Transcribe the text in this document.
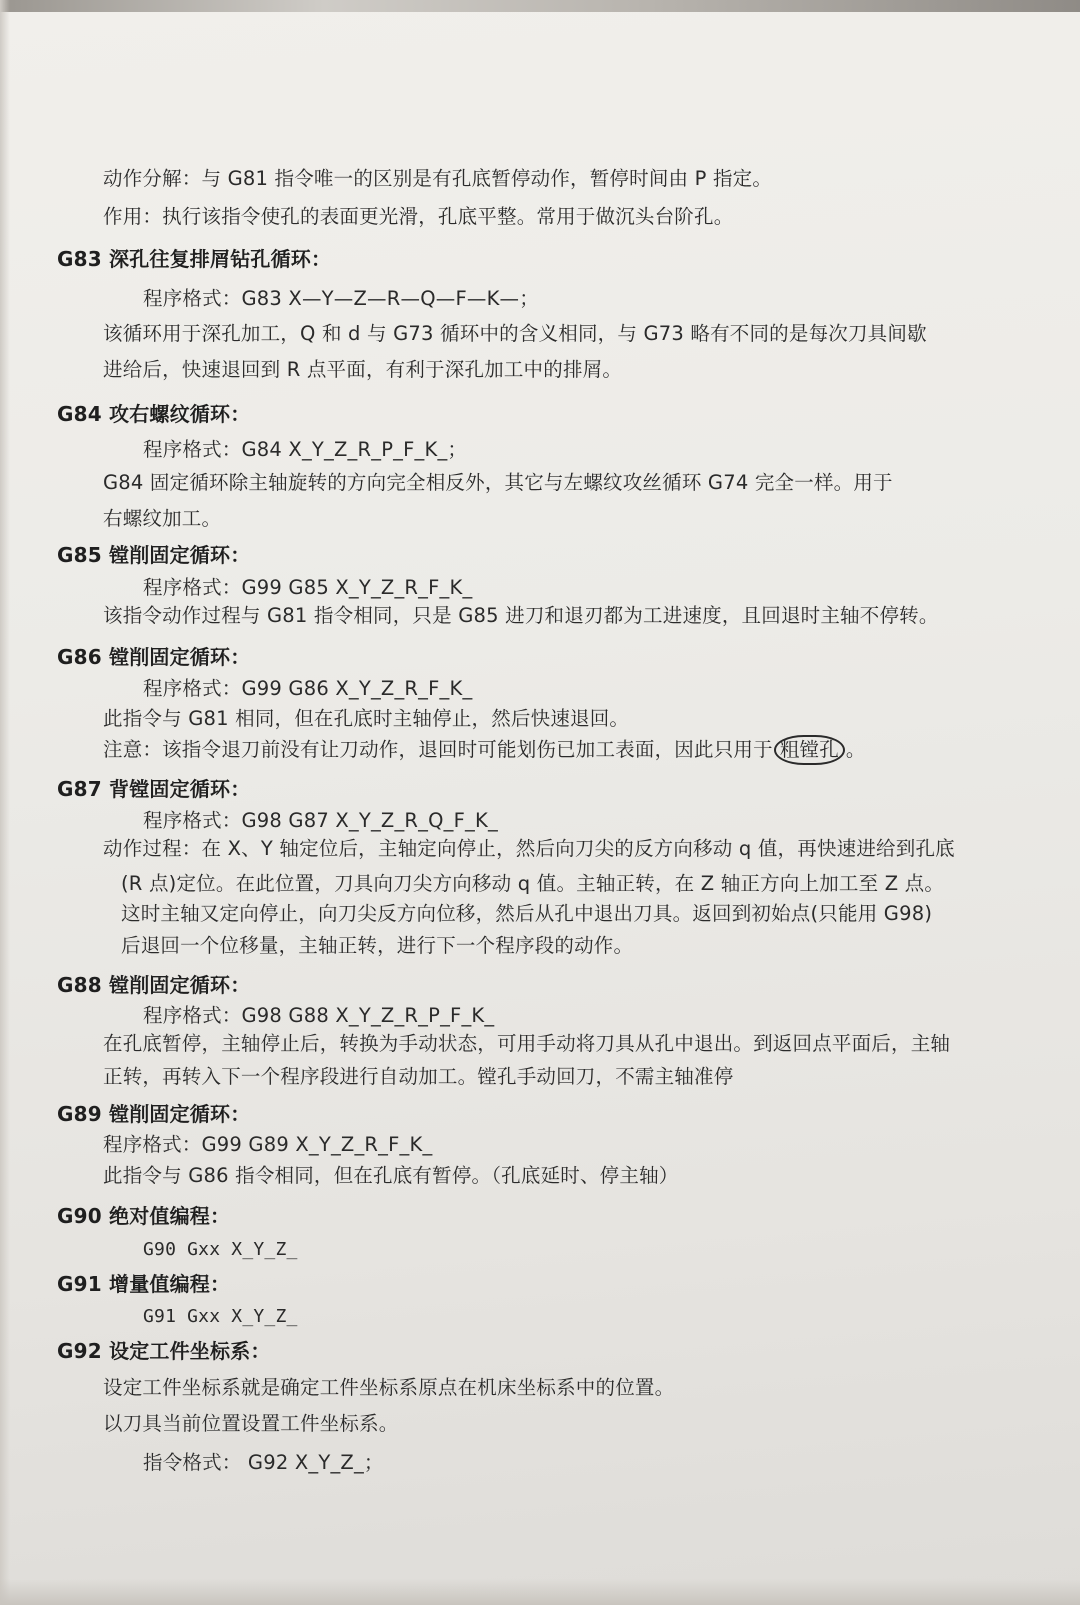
动作分解：与 G81 指令唯一的区别是有孔底暂停动作，暂停时间由 P 指定。
作用：执行该指令使孔的表面更光滑，孔底平整。常用于做沉头台阶孔。
G83 深孔往复排屑钻孔循环：
程序格式：G83 X—Y—Z—R—Q—F—K—；
该循环用于深孔加工，Q 和 d 与 G73 循环中的含义相同，与 G73 略有不同的是每次刀具间歇
进给后，快速退回到 R 点平面，有利于深孔加工中的排屑。
G84 攻右螺纹循环：
程序格式：G84 X_Y_Z_R_P_F_K_；
G84 固定循环除主轴旋转的方向完全相反外，其它与左螺纹攻丝循环 G74 完全一样。用于
右螺纹加工。
G85 镗削固定循环：
程序格式：G99 G85 X_Y_Z_R_F_K_
该指令动作过程与 G81 指令相同，只是 G85 进刀和退刃都为工进速度，且回退时主轴不停转。
G86 镗削固定循环：
程序格式：G99 G86 X_Y_Z_R_F_K_
此指令与 G81 相同，但在孔底时主轴停止，然后快速退回。
注意：该指令退刀前没有让刀动作，退回时可能划伤已加工表面，因此只用于 粗镗孔 。
G87 背镗固定循环：
程序格式：G98 G87 X_Y_Z_R_Q_F_K_
动作过程：在 X、Y 轴定位后，主轴定向停止，然后向刀尖的反方向移动 q 值，再快速进给到孔底
(R 点)定位。在此位置，刀具向刀尖方向移动 q 值。主轴正转，在 Z 轴正方向上加工至 Z 点。
这时主轴又定向停止，向刀尖反方向位移，然后从孔中退出刀具。返回到初始点(只能用 G98)
后退回一个位移量，主轴正转，进行下一个程序段的动作。
G88 镗削固定循环：
程序格式：G98 G88 X_Y_Z_R_P_F_K_
在孔底暂停，主轴停止后，转换为手动状态，可用手动将刀具从孔中退出。到返回点平面后，主轴
正转，再转入下一个程序段进行自动加工。镗孔手动回刀，不需主轴准停
G89 镗削固定循环：
程序格式：G99 G89 X_Y_Z_R_F_K_
此指令与 G86 指令相同，但在孔底有暂停。（孔底延时、停主轴）
G90 绝对值编程：
G90 Gxx X_Y_Z_
G91 增量值编程：
G91 Gxx X_Y_Z_
G92 设定工件坐标系：
设定工件坐标系就是确定工件坐标系原点在机床坐标系中的位置。
以刀具当前位置设置工件坐标系。
指令格式： G92 X_Y_Z_；
